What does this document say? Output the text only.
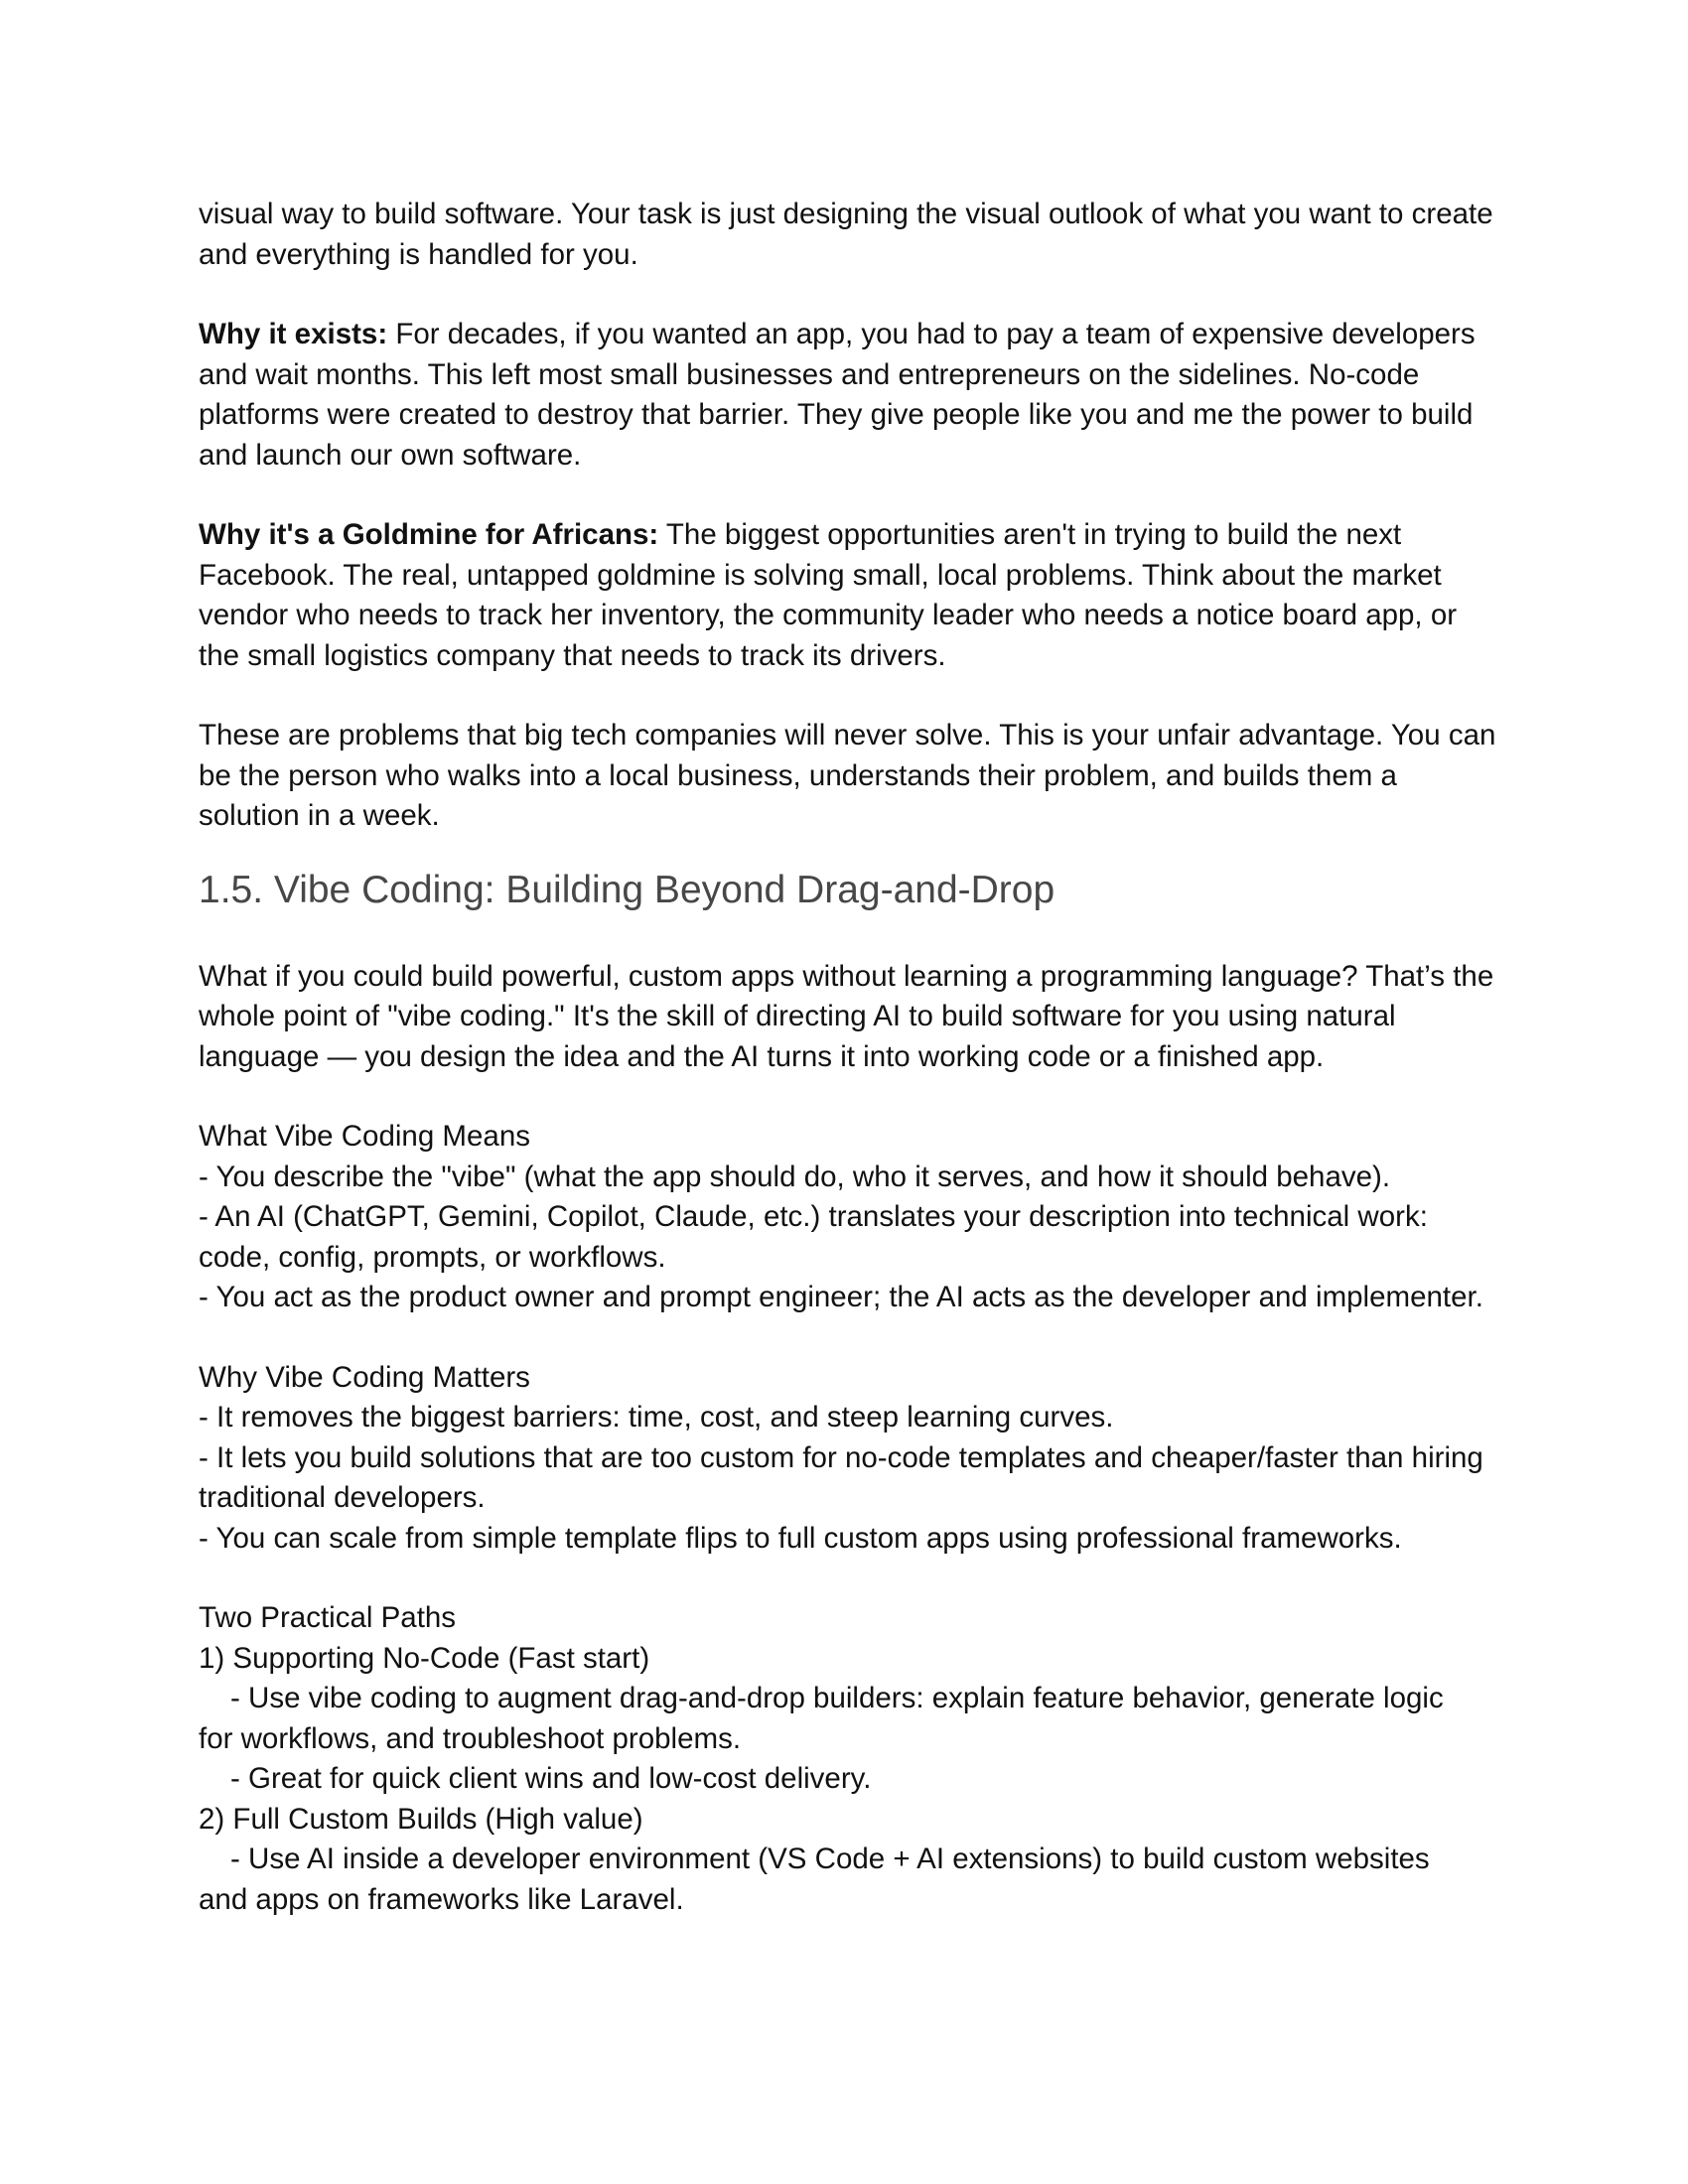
visual way to build software. Your task is just designing the visual outlook of what you want to create and everything is handled for you.

Why it exists: For decades, if you wanted an app, you had to pay a team of expensive developers and wait months. This left most small businesses and entrepreneurs on the sidelines. No-code platforms were created to destroy that barrier. They give people like you and me the power to build and launch our own software.

Why it's a Goldmine for Africans: The biggest opportunities aren't in trying to build the next Facebook. The real, untapped goldmine is solving small, local problems. Think about the market vendor who needs to track her inventory, the community leader who needs a notice board app, or the small logistics company that needs to track its drivers.

These are problems that big tech companies will never solve. This is your unfair advantage. You can be the person who walks into a local business, understands their problem, and builds them a solution in a week.

1.5. Vibe Coding: Building Beyond Drag-and-Drop

What if you could build powerful, custom apps without learning a programming language? That’s the whole point of "vibe coding." It's the skill of directing AI to build software for you using natural language — you design the idea and the AI turns it into working code or a finished app.

What Vibe Coding Means
- You describe the "vibe" (what the app should do, who it serves, and how it should behave).
- An AI (ChatGPT, Gemini, Copilot, Claude, etc.) translates your description into technical work: code, config, prompts, or workflows.
- You act as the product owner and prompt engineer; the AI acts as the developer and implementer.
Why Vibe Coding Matters
- It removes the biggest barriers: time, cost, and steep learning curves.
- It lets you build solutions that are too custom for no-code templates and cheaper/faster than hiring traditional developers.
- You can scale from simple template flips to full custom apps using professional frameworks.
Two Practical Paths
1) Supporting No-Code (Fast start)
- Use vibe coding to augment drag-and-drop builders: explain feature behavior, generate logic
for workflows, and troubleshoot problems.
- Great for quick client wins and low-cost delivery.
2) Full Custom Builds (High value)
- Use AI inside a developer environment (VS Code + AI extensions) to build custom websites
and apps on frameworks like Laravel.
